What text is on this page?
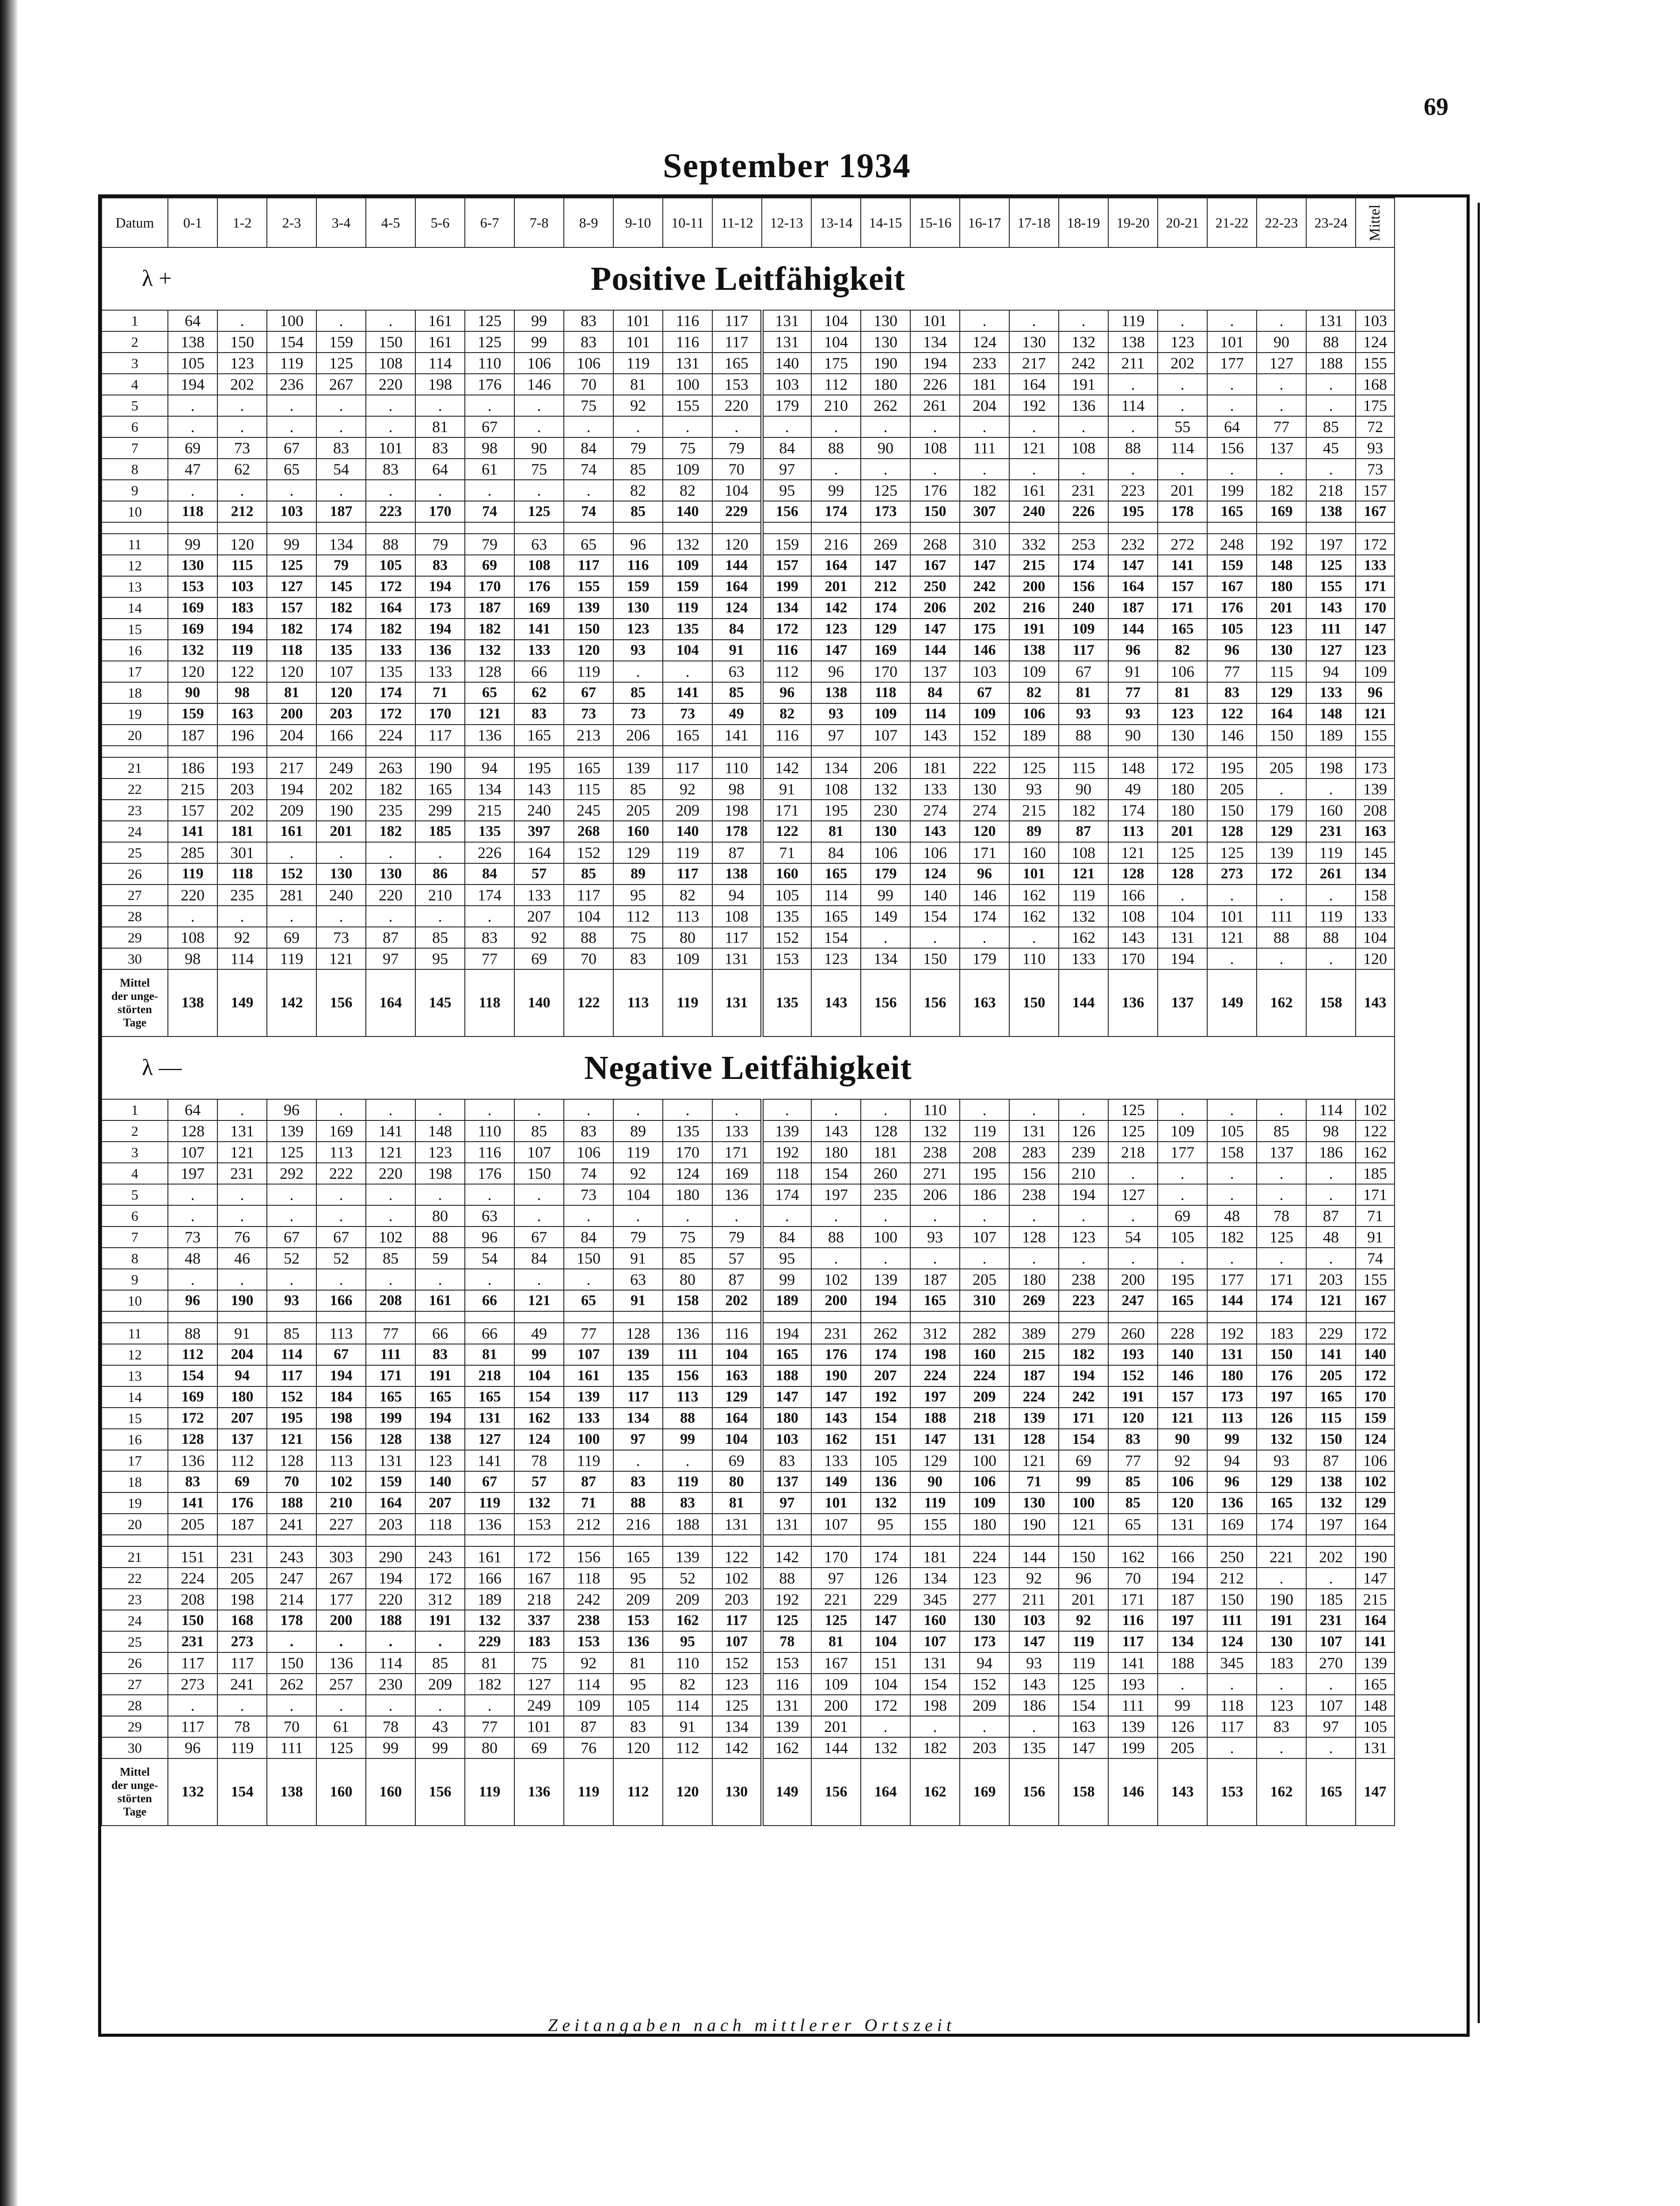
69
September 1934
Datum	0-1	1-2	2-3	3-4	4-5	5-6	6-7	7-8	8-9	9-10	10-11	11-12	12-13	13-14	14-15	15-16	16-17	17-18	18-19	19-20	20-21	21-22	22-23	23-24	Mittel

λ + Positive Leitfähigkeit																									
1	64	.	100	.	.	161	125	99	83	101	116	117	131	104	130	101	.	.	.	119	.	.	.	131	103
2	138	150	154	159	150	161	125	99	83	101	116	117	131	104	130	134	124	130	132	138	123	101	90	88	124
3	105	123	119	125	108	114	110	106	106	119	131	165	140	175	190	194	233	217	242	211	202	177	127	188	155
4	194	202	236	267	220	198	176	146	70	81	100	153	103	112	180	226	181	164	191	.	.	.	.	.	168
5	.	.	.	.	.	.	.	.	75	92	155	220	179	210	262	261	204	192	136	114	.	.	.	.	175
6	.	.	.	.	.	81	67	.	.	.	.	.	.	.	.	.	.	.	.	.	55	64	77	85	72
7	69	73	67	83	101	83	98	90	84	79	75	79	84	88	90	108	111	121	108	88	114	156	137	45	93
8	47	62	65	54	83	64	61	75	74	85	109	70	97	.	.	.	.	.	.	.	.	.	.	.	73
9	.	.	.	.	.	.	.	.	.	82	82	104	95	99	125	176	182	161	231	223	201	199	182	218	157
10	118	212	103	187	223	170	74	125	74	85	140	229	156	174	173	150	307	240	226	195	178	165	169	138	167

11	99	120	99	134	88	79	79	63	65	96	132	120	159	216	269	268	310	332	253	232	272	248	192	197	172
12	130	115	125	79	105	83	69	108	117	116	109	144	157	164	147	167	147	215	174	147	141	159	148	125	133
13	153	103	127	145	172	194	170	176	155	159	159	164	199	201	212	250	242	200	156	164	157	167	180	155	171
14	169	183	157	182	164	173	187	169	139	130	119	124	134	142	174	206	202	216	240	187	171	176	201	143	170
15	169	194	182	174	182	194	182	141	150	123	135	84	172	123	129	147	175	191	109	144	165	105	123	111	147
16	132	119	118	135	133	136	132	133	120	93	104	91	116	147	169	144	146	138	117	96	82	96	130	127	123
17	120	122	120	107	135	133	128	66	119	.	.	63	112	96	170	137	103	109	67	91	106	77	115	94	109
18	90	98	81	120	174	71	65	62	67	85	141	85	96	138	118	84	67	82	81	77	81	83	129	133	96
19	159	163	200	203	172	170	121	83	73	73	73	49	82	93	109	114	109	106	93	93	123	122	164	148	121
20	187	196	204	166	224	117	136	165	213	206	165	141	116	97	107	143	152	189	88	90	130	146	150	189	155

21	186	193	217	249	263	190	94	195	165	139	117	110	142	134	206	181	222	125	115	148	172	195	205	198	173
22	215	203	194	202	182	165	134	143	115	85	92	98	91	108	132	133	130	93	90	49	180	205	.	.	139
23	157	202	209	190	235	299	215	240	245	205	209	198	171	195	230	274	274	215	182	174	180	150	179	160	208
24	141	181	161	201	182	185	135	397	268	160	140	178	122	81	130	143	120	89	87	113	201	128	129	231	163
25	285	301	.	.	.	.	226	164	152	129	119	87	71	84	106	106	171	160	108	121	125	125	139	119	145
26	119	118	152	130	130	86	84	57	85	89	117	138	160	165	179	124	96	101	121	128	128	273	172	261	134
27	220	235	281	240	220	210	174	133	117	95	82	94	105	114	99	140	146	162	119	166	.	.	.	.	158
28	.	.	.	.	.	.	.	207	104	112	113	108	135	165	149	154	174	162	132	108	104	101	111	119	133
29	108	92	69	73	87	85	83	92	88	75	80	117	152	154	.	.	.	.	162	143	131	121	88	88	104
30	98	114	119	121	97	95	77	69	70	83	109	131	153	123	134	150	179	110	133	170	194	.	.	.	120

Mittel
der unge-
störten
Tage	138	149	142	156	164	145	118	140	122	113	119	131	135	143	156	156	163	150	144	136	137	149	162	158	143

λ — Negative Leitfähigkeit																									
1	64	.	96	.	.	.	.	.	.	.	.	.	.	.	.	110	.	.	.	125	.	.	.	114	102
2	128	131	139	169	141	148	110	85	83	89	135	133	139	143	128	132	119	131	126	125	109	105	85	98	122
3	107	121	125	113	121	123	116	107	106	119	170	171	192	180	181	238	208	283	239	218	177	158	137	186	162
4	197	231	292	222	220	198	176	150	74	92	124	169	118	154	260	271	195	156	210	.	.	.	.	.	185
5	.	.	.	.	.	.	.	.	73	104	180	136	174	197	235	206	186	238	194	127	.	.	.	.	171
6	.	.	.	.	.	80	63	.	.	.	.	.	.	.	.	.	.	.	.	.	69	48	78	87	71
7	73	76	67	67	102	88	96	67	84	79	75	79	84	88	100	93	107	128	123	54	105	182	125	48	91
8	48	46	52	52	85	59	54	84	150	91	85	57	95	.	.	.	.	.	.	.	.	.	.	.	74
9	.	.	.	.	.	.	.	.	.	63	80	87	99	102	139	187	205	180	238	200	195	177	171	203	155
10	96	190	93	166	208	161	66	121	65	91	158	202	189	200	194	165	310	269	223	247	165	144	174	121	167

11	88	91	85	113	77	66	66	49	77	128	136	116	194	231	262	312	282	389	279	260	228	192	183	229	172
12	112	204	114	67	111	83	81	99	107	139	111	104	165	176	174	198	160	215	182	193	140	131	150	141	140
13	154	94	117	194	171	191	218	104	161	135	156	163	188	190	207	224	224	187	194	152	146	180	176	205	172
14	169	180	152	184	165	165	165	154	139	117	113	129	147	147	192	197	209	224	242	191	157	173	197	165	170
15	172	207	195	198	199	194	131	162	133	134	88	164	180	143	154	188	218	139	171	120	121	113	126	115	159
16	128	137	121	156	128	138	127	124	100	97	99	104	103	162	151	147	131	128	154	83	90	99	132	150	124
17	136	112	128	113	131	123	141	78	119	.	.	69	83	133	105	129	100	121	69	77	92	94	93	87	106
18	83	69	70	102	159	140	67	57	87	83	119	80	137	149	136	90	106	71	99	85	106	96	129	138	102
19	141	176	188	210	164	207	119	132	71	88	83	81	97	101	132	119	109	130	100	85	120	136	165	132	129
20	205	187	241	227	203	118	136	153	212	216	188	131	131	107	95	155	180	190	121	65	131	169	174	197	164

21	151	231	243	303	290	243	161	172	156	165	139	122	142	170	174	181	224	144	150	162	166	250	221	202	190
22	224	205	247	267	194	172	166	167	118	95	52	102	88	97	126	134	123	92	96	70	194	212	.	.	147
23	208	198	214	177	220	312	189	218	242	209	209	203	192	221	229	345	277	211	201	171	187	150	190	185	215
24	150	168	178	200	188	191	132	337	238	153	162	117	125	125	147	160	130	103	92	116	197	111	191	231	164
25	231	273	.	.	.	.	229	183	153	136	95	107	78	81	104	107	173	147	119	117	134	124	130	107	141
26	117	117	150	136	114	85	81	75	92	81	110	152	153	167	151	131	94	93	119	141	188	345	183	270	139
27	273	241	262	257	230	209	182	127	114	95	82	123	116	109	104	154	152	143	125	193	.	.	.	.	165
28	.	.	.	.	.	.	.	249	109	105	114	125	131	200	172	198	209	186	154	111	99	118	123	107	148
29	117	78	70	61	78	43	77	101	87	83	91	134	139	201	.	.	.	.	163	139	126	117	83	97	105
30	96	119	111	125	99	99	80	69	76	120	112	142	162	144	132	182	203	135	147	199	205	.	.	.	131

Mittel
der unge-
störten
Tage	132	154	138	160	160	156	119	136	119	112	120	130	149	156	164	162	169	156	158	146	143	153	162	165	147
Zeitangaben nach mittlerer Ortszeit
